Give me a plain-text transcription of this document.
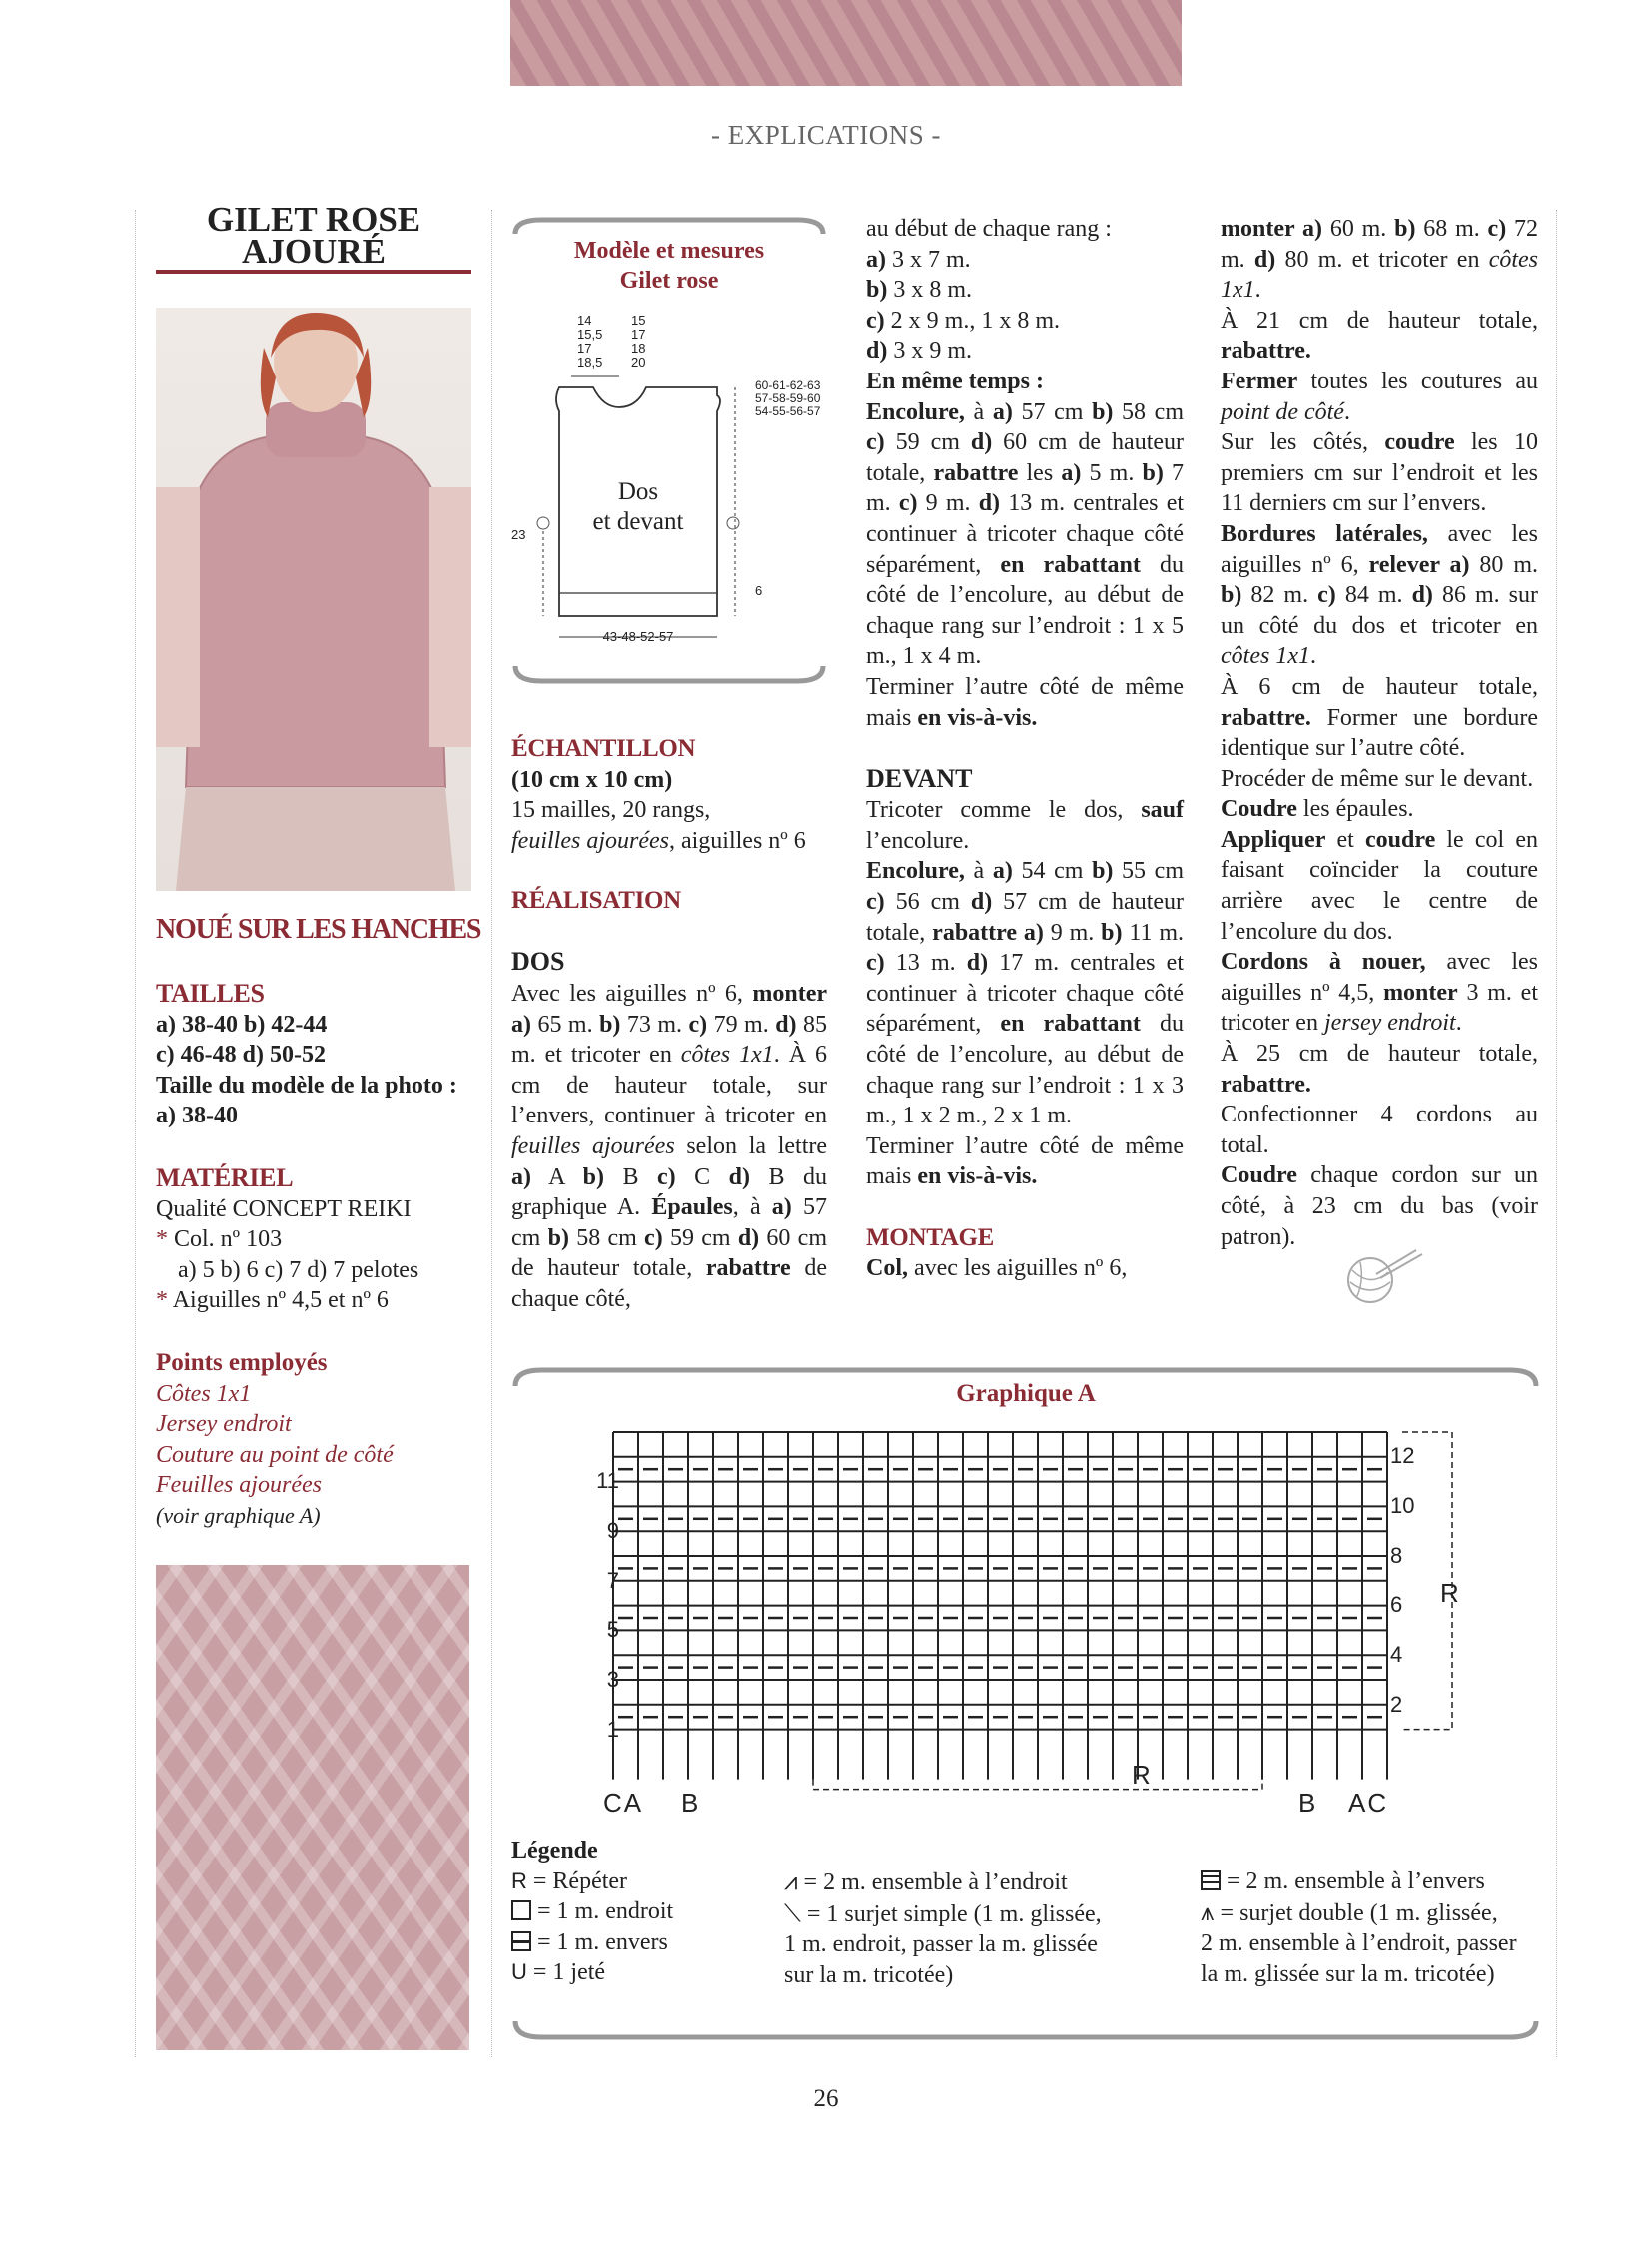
- EXPLICATIONS -
GILET ROSE
AJOURÉ
NOUÉ SUR LES HANCHES

TAILLES

a) 38-40 b) 42-44

c) 46-48 d) 50-52

Taille du modèle de la photo :

a) 38-40

MATÉRIEL

Qualité CONCEPT REIKI

* Col. nº 103

a) 5 b) 6 c) 7 d) 7 pelotes

* Aiguilles nº 4,5 et nº 6

Points employés

Côtes 1x1

Jersey endroit

Couture au point de côté

Feuilles ajourées

(voir graphique A)

Modèle et mesures
Gilet rose
14
15,5
17
18,5
15
17
18
20
60-61-62-63
57-58-59-60
54-55-56-57
Dos
et devant
23
6
43-48-52-57

ÉCHANTILLON

(10 cm x 10 cm)

15 mailles, 20 rangs,

feuilles ajourées, aiguilles nº 6

RÉALISATION

DOS

Avec les aiguilles nº 6, monter a) 65 m. b) 73 m. c) 79 m. d) 85 m. et tricoter en côtes 1x1. À 6 cm de hauteur totale, sur l’envers, continuer à tricoter en feuilles ajourées selon la lettre a) A b) B c) C d) B du graphique A. Épaules, à a) 57 cm b) 58 cm c) 59 cm d) 60 cm de hauteur totale, rabattre de chaque côté,
au début de chaque rang :
a) 3 x 7 m.
b) 3 x 8 m.
c) 2 x 9 m., 1 x 8 m.
d) 3 x 9 m.
En même temps :
Encolure, à a) 57 cm b) 58 cm c) 59 cm d) 60 cm de hauteur totale, rabattre les a) 5 m. b) 7 m. c) 9 m. d) 13 m. centrales et continuer à tricoter chaque côté séparément, en rabattant du côté de l’encolure, au début de chaque rang sur l’endroit : 1 x 5 m., 1 x 4 m.
Terminer l’autre côté de même mais en vis-à-vis.

DEVANT
Tricoter comme le dos, sauf l’encolure.
Encolure, à a) 54 cm b) 55 cm c) 56 cm d) 57 cm de hauteur totale, rabattre a) 9 m. b) 11 m. c) 13 m. d) 17 m. centrales et continuer à tricoter chaque côté séparément, en rabattant du côté de l’encolure, au début de chaque rang sur l’endroit : 1 x 3 m., 1 x 2 m., 2 x 1 m.
Terminer l’autre côté de même mais en vis-à-vis.

MONTAGE
Col, avec les aiguilles nº 6,
monter a) 60 m. b) 68 m. c) 72 m. d) 80 m. et tricoter en côtes 1x1.
À 21 cm de hauteur totale, rabattre.
Fermer toutes les coutures au point de côté.
Sur les côtés, coudre les 10 premiers cm sur l’endroit et les 11 derniers cm sur l’envers.
Bordures latérales, avec les aiguilles nº 6, relever a) 80 m. b) 82 m. c) 84 m. d) 86 m. sur un côté du dos et tricoter en côtes 1x1.
À 6 cm de hauteur totale, rabattre. Former une bordure identique sur l’autre côté.
Procéder de même sur le devant.
Coudre les épaules.
Appliquer et coudre le col en faisant coïncider la couture arrière avec le centre de l’encolure du dos.
Cordons à nouer, avec les aiguilles nº 4,5, monter 3 m. et tricoter en jersey endroit.
À 25 cm de hauteur totale, rabattre.
Confectionner 4 cordons au total.
Coudre chaque cordon sur un côté, à 23 cm du bas (voir patron).
Graphique A
11
9
7
5
3
1
12
10
8
6
4
2
R
R
CA B	B AC
Légende
R = Répéter
= 1 m. endroit
= 1 m. envers
U = 1 jeté
⩘ = 2 m. ensemble à l’endroit
⟍ = 1 surjet simple (1 m. glissée,
1 m. endroit, passer la m. glissée
sur la m. tricotée)
= 2 m. ensemble à l’envers
⩚ = surjet double (1 m. glissée,
2 m. ensemble à l’endroit, passer
la m. glissée sur la m. tricotée)
26
